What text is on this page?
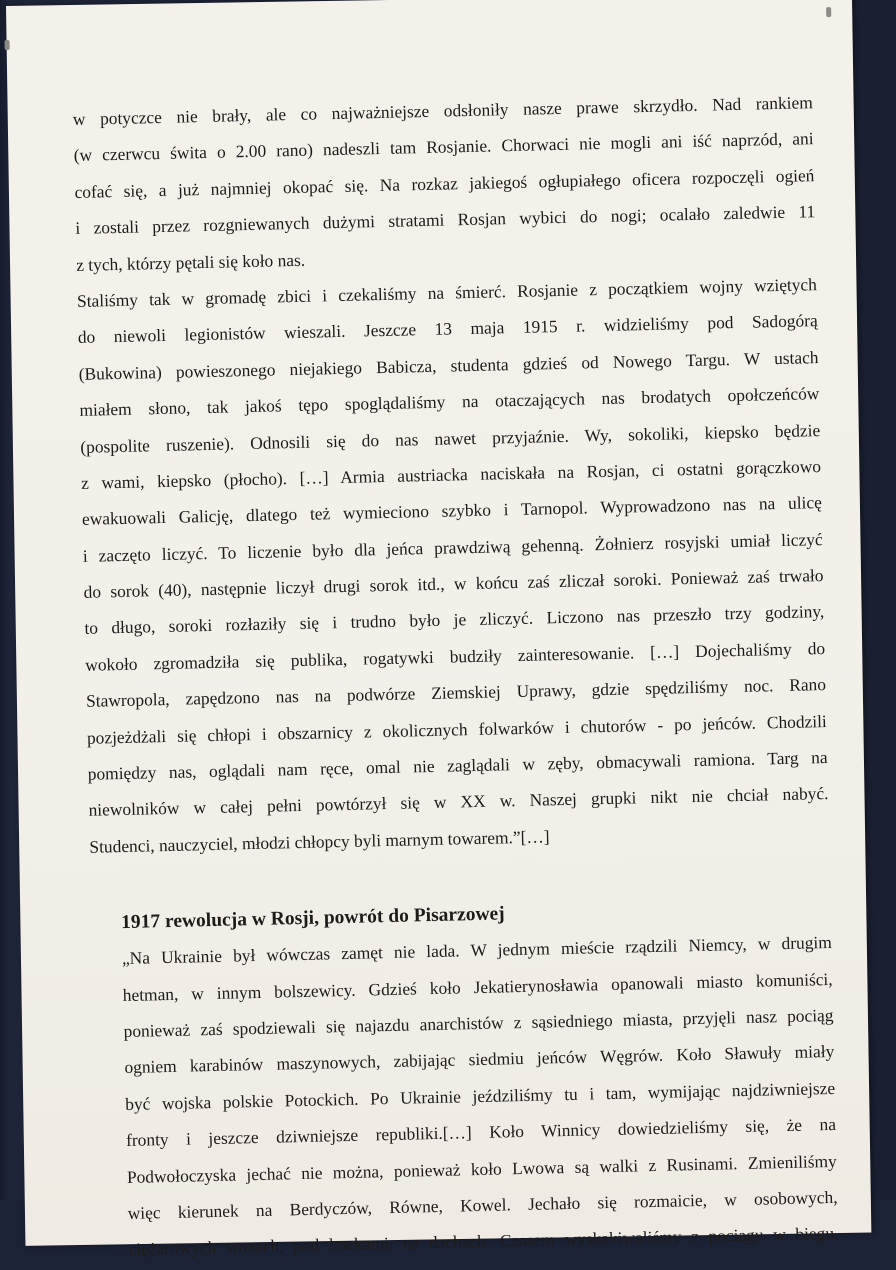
w potyczce nie brały, ale co najważniejsze odsłoniły nasze prawe skrzydło. Nad rankiem
(w czerwcu świta o 2.00 rano) nadeszli tam Rosjanie. Chorwaci nie mogli ani iść naprzód, ani
cofać się, a już najmniej okopać się. Na rozkaz jakiegoś ogłupiałego oficera rozpoczęli ogień
i zostali przez rozgniewanych dużymi stratami Rosjan wybici do nogi; ocalało zaledwie 11
z tych, którzy pętali się koło nas.
Staliśmy tak w gromadę zbici i czekaliśmy na śmierć. Rosjanie z początkiem wojny wziętych
do niewoli legionistów wieszali. Jeszcze 13 maja 1915 r. widzieliśmy pod Sadogórą
(Bukowina) powieszonego niejakiego Babicza, studenta gdzieś od Nowego Targu. W ustach
miałem słono, tak jakoś tępo spoglądaliśmy na otaczających nas brodatych opołczeńców
(pospolite ruszenie). Odnosili się do nas nawet przyjaźnie. Wy, sokoliki, kiepsko będzie
z wami, kiepsko (płocho). […] Armia austriacka naciskała na Rosjan, ci ostatni gorączkowo
ewakuowali Galicję, dlatego też wymieciono szybko i Tarnopol. Wyprowadzono nas na ulicę
i zaczęto liczyć. To liczenie było dla jeńca prawdziwą gehenną. Żołnierz rosyjski umiał liczyć
do sorok (40), następnie liczył drugi sorok itd., w końcu zaś zliczał soroki. Ponieważ zaś trwało
to długo, soroki rozłaziły się i trudno było je zliczyć. Liczono nas przeszło trzy godziny,
wokoło zgromadziła się publika, rogatywki budziły zainteresowanie. […] Dojechaliśmy do
Stawropola, zapędzono nas na podwórze Ziemskiej Uprawy, gdzie spędziliśmy noc. Rano
pozjeżdżali się chłopi i obszarnicy z okolicznych folwarków i chutorów - po jeńców. Chodzili
pomiędzy nas, oglądali nam ręce, omal nie zaglądali w zęby, obmacywali ramiona. Targ na
niewolników w całej pełni powtórzył się w XX w. Naszej grupki nikt nie chciał nabyć.
Studenci, nauczyciel, młodzi chłopcy byli marnym towarem.”[…]
1917 rewolucja w Rosji, powrót do Pisarzowej
„Na Ukrainie był wówczas zamęt nie lada. W jednym mieście rządzili Niemcy, w drugim
hetman, w innym bolszewicy. Gdzieś koło Jekatierynosławia opanowali miasto komuniści,
ponieważ zaś spodziewali się najazdu anarchistów z sąsiedniego miasta, przyjęli nasz pociąg
ogniem karabinów maszynowych, zabijając siedmiu jeńców Węgrów. Koło Sławuły miały
być wojska polskie Potockich. Po Ukrainie jeździliśmy tu i tam, wymijając najdziwniejsze
fronty i jeszcze dziwniejsze republiki.[…] Koło Winnicy dowiedzieliśmy się, że na
Podwołoczyska jechać nie można, ponieważ koło Lwowa są walki z Rusinami. Zmieniliśmy
więc kierunek na Berdyczów, Równe, Kowel. Jechało się rozmaicie, w osobowych,
ciężarowych wozach, pod ławkami, na dachach. Czasem wyskakiwaliśmy z pociągu w biegu,
